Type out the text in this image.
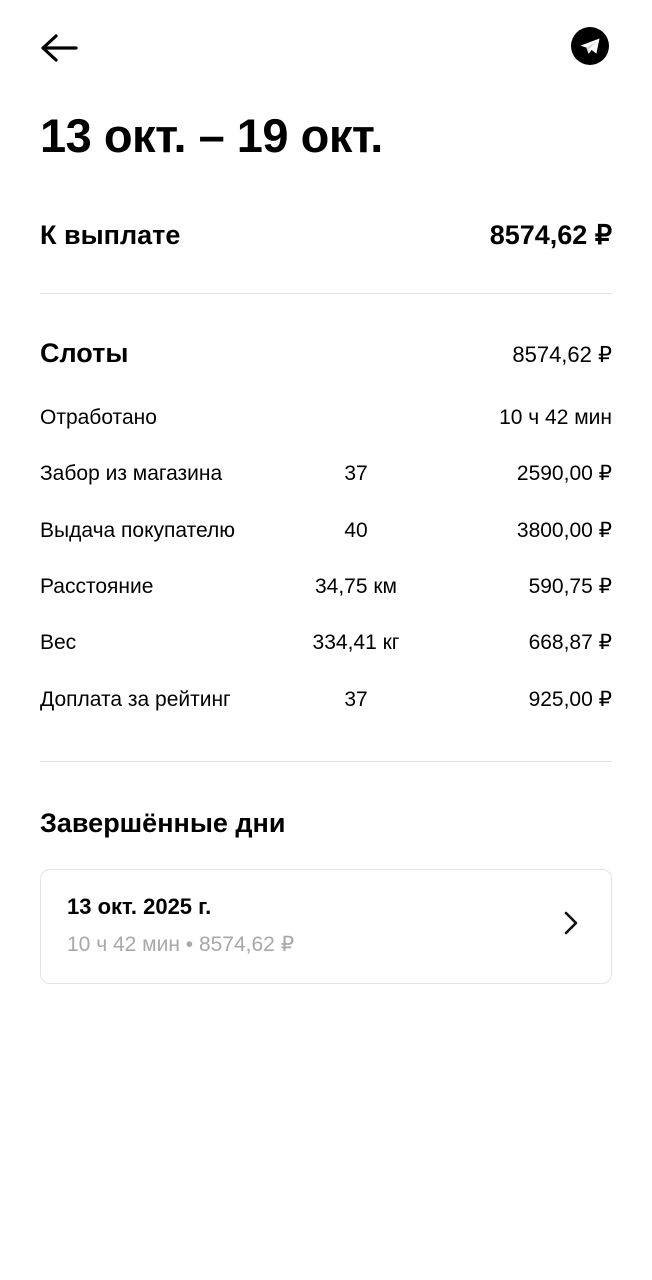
13 окт. – 19 окт.
К выплате	8574,62 ₽
Слоты	8574,62 ₽
Отработано	10 ч 42 мин
Забор из магазина	37	2590,00 ₽
Выдача покупателю	40	3800,00 ₽
Расстояние	34,75 км	590,75 ₽
Вес	334,41 кг	668,87 ₽
Доплата за рейтинг	37	925,00 ₽
Завершённые дни
13 окт. 2025 г.
10 ч 42 мин • 8574,62 ₽
